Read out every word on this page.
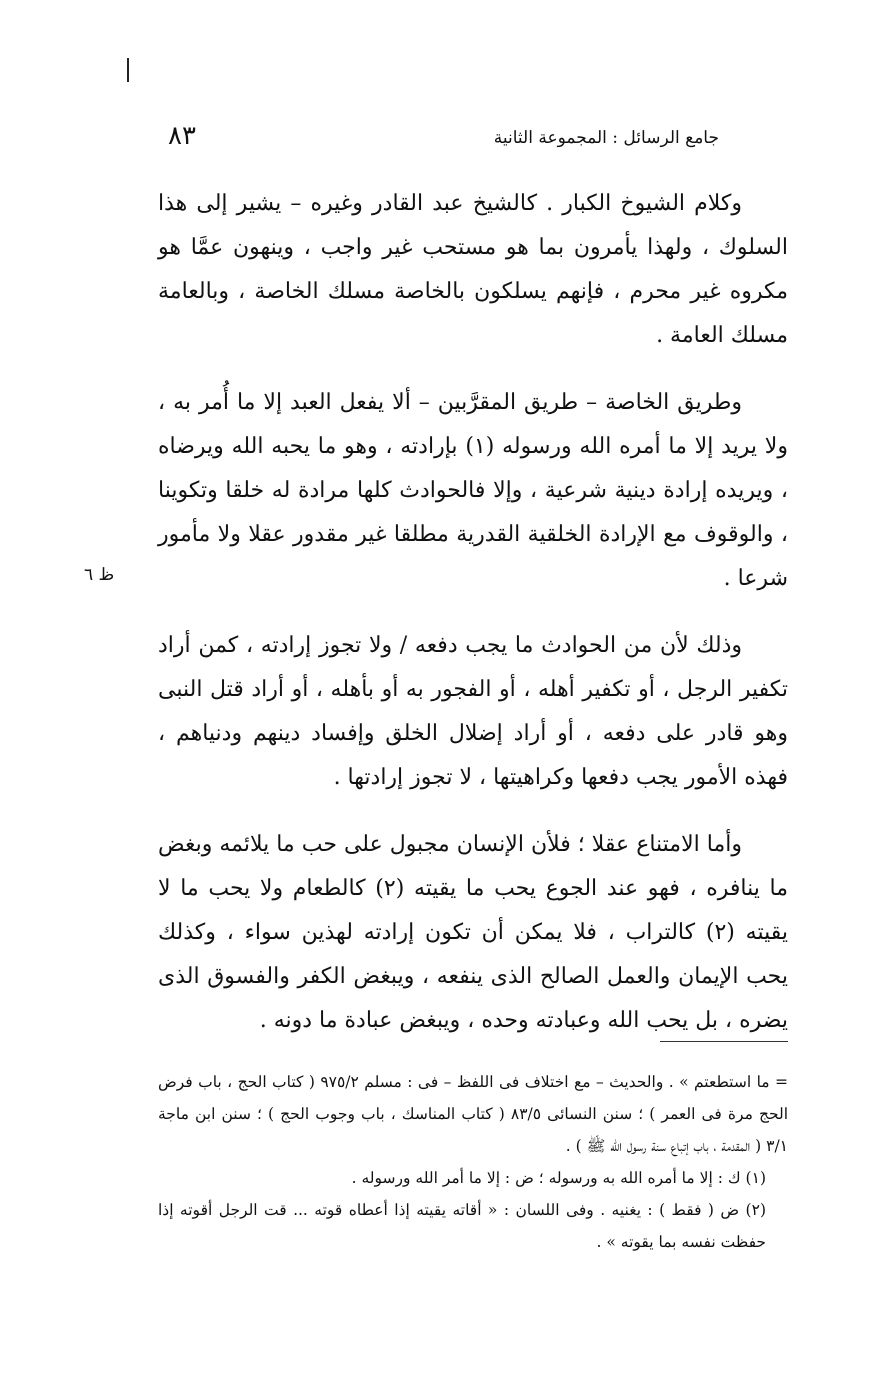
جامع الرسائل : المجموعة الثانية
٨٣

وكلام الشيوخ الكبار . كالشيخ عبد القادر وغيره – يشير إلى هذا السلوك ، ولهذا يأمرون بما هو مستحب غير واجب ، وينهون عمَّا هو مكروه غير محرم ، فإنهم يسلكون بالخاصة مسلك الخاصة ، وبالعامة مسلك العامة .

وطريق الخاصة – طريق المقرَّبين – ألا يفعل العبد إلا ما أُمر به ، ولا يريد إلا ما أمره الله ورسوله (١) بإرادته ، وهو ما يحبه الله ويرضاه ، ويريده إرادة دينية شرعية ، وإلا فالحوادث كلها مرادة له خلقا وتكوينا ، والوقوف مع الإرادة الخلقية القدرية مطلقا غير مقدور عقلا ولا مأمور شرعا .

وذلك لأن من الحوادث ما يجب دفعه / ولا تجوز إرادته ، كمن أراد تكفير الرجل ، أو تكفير أهله ، أو الفجور به أو بأهله ، أو أراد قتل النبى وهو قادر على دفعه ، أو أراد إضلال الخلق وإفساد دينهم ودنياهم ، فهذه الأمور يجب دفعها وكراهيتها ، لا تجوز إرادتها .

وأما الامتناع عقلا ؛ فلأن الإنسان مجبول على حب ما يلائمه وبغض ما ينافره ، فهو عند الجوع يحب ما يقيته (٢) كالطعام ولا يحب ما لا يقيته (٢) كالتراب ، فلا يمكن أن تكون إرادته لهذين سواء ، وكذلك يحب الإيمان والعمل الصالح الذى ينفعه ، ويبغض الكفر والفسوق الذى يضره ، بل يحب الله وعبادته وحده ، ويبغض عبادة ما دونه .

ظ ٦

= ما استطعتم » . والحديث – مع اختلاف فى اللفظ – فى : مسلم ٩٧٥/٢ ( كتاب الحج ، باب فرض الحج مرة فى العمر ) ؛ سنن النسائى ٨٣/٥ ( كتاب المناسك ، باب وجوب الحج ) ؛ سنن ابن ماجة ٣/١ ( المقدمة ، باب إتباع سنة رسول الله ﷺ ) .

(١) ك : إلا ما أمره الله به ورسوله ؛ ض : إلا ما أمر الله ورسوله .

(٢) ض ( فقط ) : يغنيه . وفى اللسان : « أقاته يقيته إذا أعطاه قوته ... قت الرجل أقوته إذا حفظت نفسه بما يقوته » .
